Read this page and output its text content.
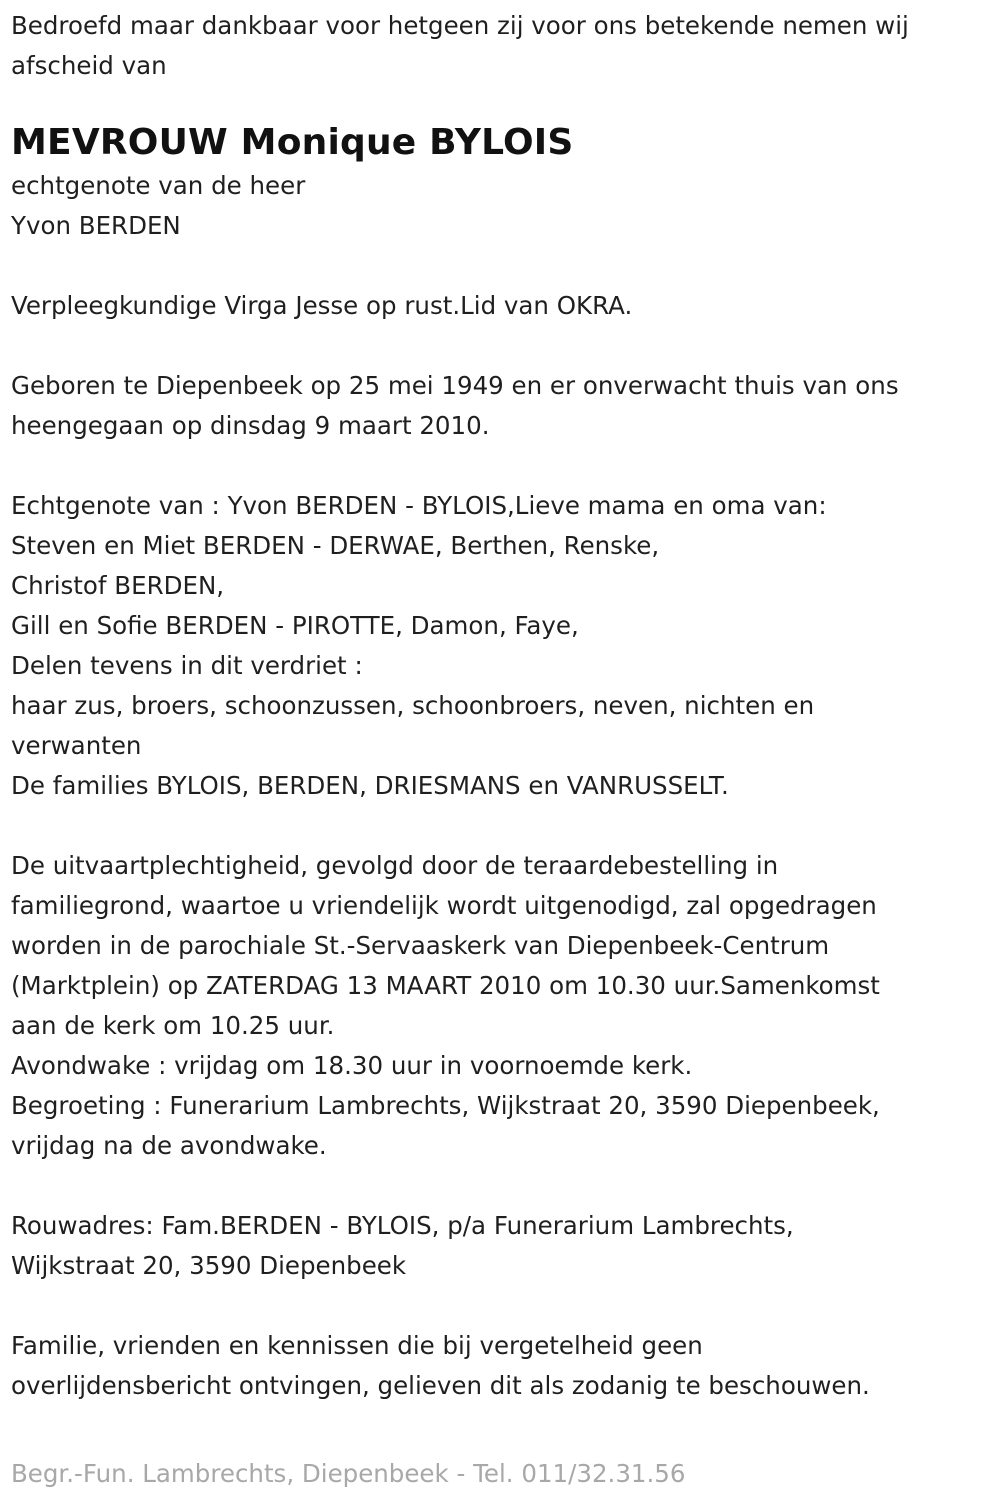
Bedroefd maar dankbaar voor hetgeen zij voor ons betekende nemen wij
afscheid van
MEVROUW Monique BYLOIS
echtgenote van de heer
Yvon BERDEN
Verpleegkundige Virga Jesse op rust.Lid van OKRA.
Geboren te Diepenbeek op 25 mei 1949 en er onverwacht thuis van ons
heengegaan op dinsdag 9 maart 2010.
Echtgenote van : Yvon BERDEN - BYLOIS,Lieve mama en oma van:
Steven en Miet BERDEN - DERWAE, Berthen, Renske,
Christof BERDEN,
Gill en Sofie BERDEN - PIROTTE, Damon, Faye,
Delen tevens in dit verdriet :
haar zus, broers, schoonzussen, schoonbroers, neven, nichten en
verwanten
De families BYLOIS, BERDEN, DRIESMANS en VANRUSSELT.
De uitvaartplechtigheid, gevolgd door de teraardebestelling in
familiegrond, waartoe u vriendelijk wordt uitgenodigd, zal opgedragen
worden in de parochiale St.-Servaaskerk van Diepenbeek-Centrum
(Marktplein) op ZATERDAG 13 MAART 2010 om 10.30 uur.Samenkomst
aan de kerk om 10.25 uur.
Avondwake : vrijdag om 18.30 uur in voornoemde kerk.
Begroeting : Funerarium Lambrechts, Wijkstraat 20, 3590 Diepenbeek,
vrijdag na de avondwake.
Rouwadres: Fam.BERDEN - BYLOIS, p/a Funerarium Lambrechts,
Wijkstraat 20, 3590 Diepenbeek
Familie, vrienden en kennissen die bij vergetelheid geen
overlijdensbericht ontvingen, gelieven dit als zodanig te beschouwen.
Begr.-Fun. Lambrechts, Diepenbeek - Tel. 011/32.31.56
